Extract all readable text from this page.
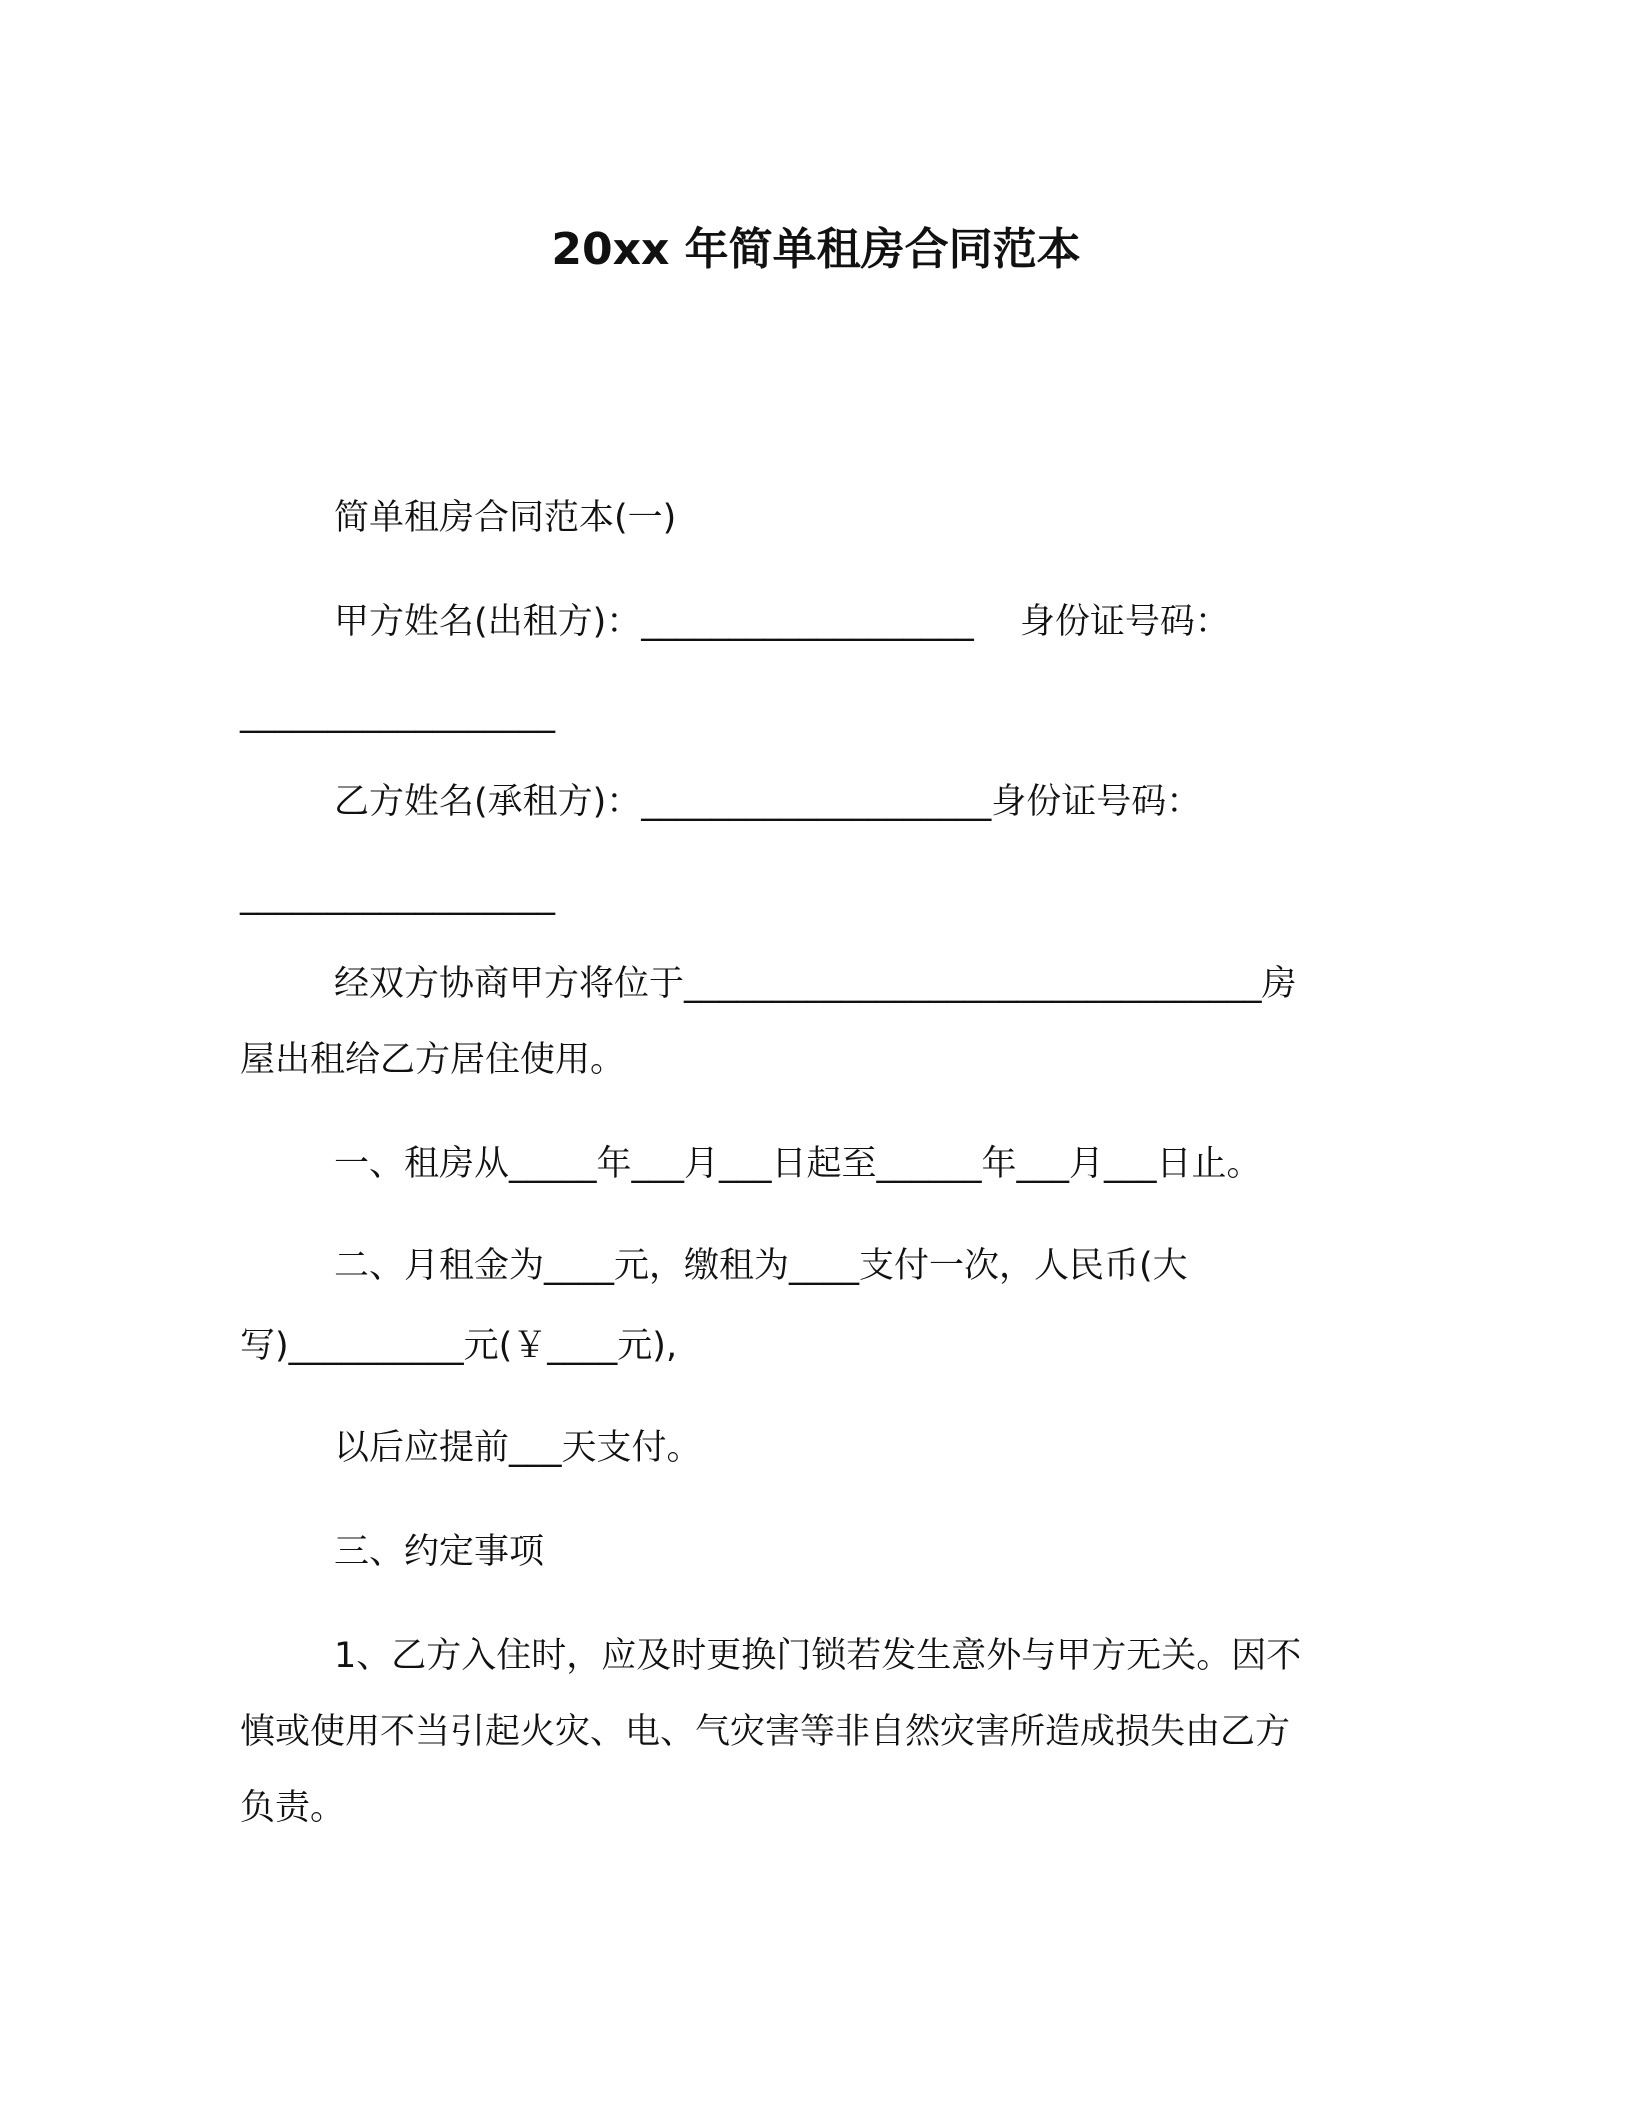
20xx 年简单租房合同范本
简单租房合同范本(一)
甲方姓名(出租方)：___________________　 身份证号码：
__________________
乙方姓名(承租方)：____________________身份证号码：
__________________
经双方协商甲方将位于_________________________________房
屋出租给乙方居住使用。
一、租房从_____年___月___日起至______年___月___日止。
二、月租金为____元，缴租为____支付一次，人民币(大
写)__________元(￥____元),
以后应提前___天支付。
三、约定事项
1、乙方入住时，应及时更换门锁若发生意外与甲方无关。因不
慎或使用不当引起火灾、电、气灾害等非自然灾害所造成损失由乙方
负责。
